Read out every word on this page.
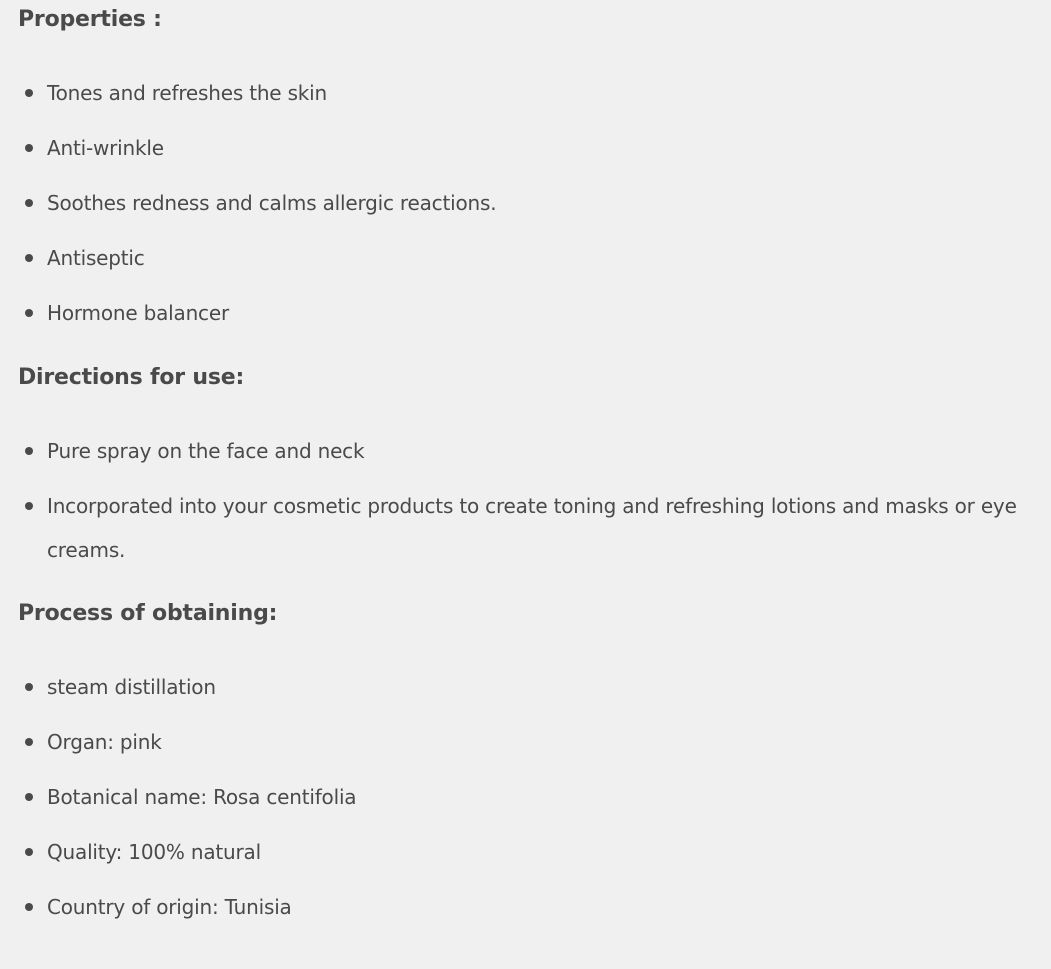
Properties :
Tones and refreshes the skin
Anti-wrinkle
Soothes redness and calms allergic reactions.
Antiseptic
Hormone balancer
Directions for use:
Pure spray on the face and neck
Incorporated into your cosmetic products to create toning and refreshing lotions and masks or eye creams.
Process of obtaining:
steam distillation
Organ: pink
Botanical name: Rosa centifolia
Quality: 100% natural
Country of origin: Tunisia
